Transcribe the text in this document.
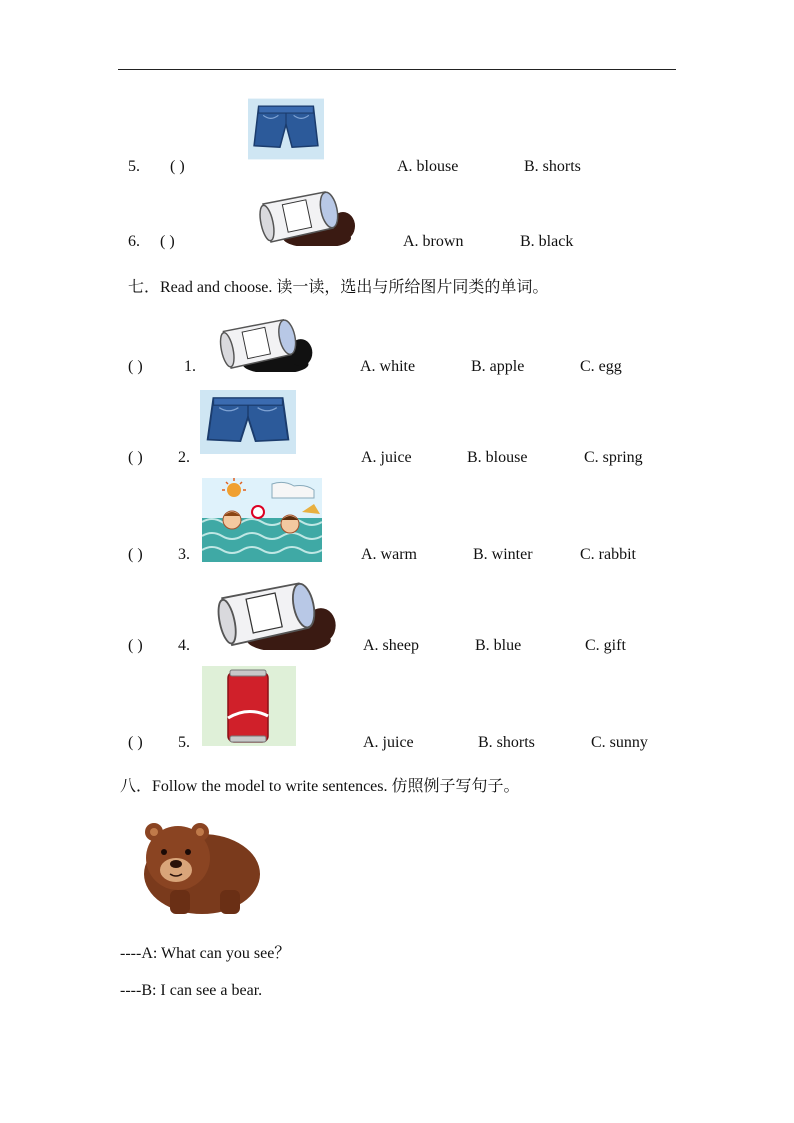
5. ( )	A. blouse	B. shorts
6. ( )	A. brown	B. black
七．Read and choose. 读一读，选出与所给图片同类的单词。
( )	1.	A. white	B. apple	C. egg
( ) 2.	A. juice	B. blouse	C. spring
( ) 3.	A. warm	B. winter	C. rabbit
( ) 4.	A. sheep	B. blue	C. gift
( ) 5.	A. juice	B. shorts	C. sunny
八．Follow the model to write sentences. 仿照例子写句子。
----A: What can you see？
----B: I can see a bear.
